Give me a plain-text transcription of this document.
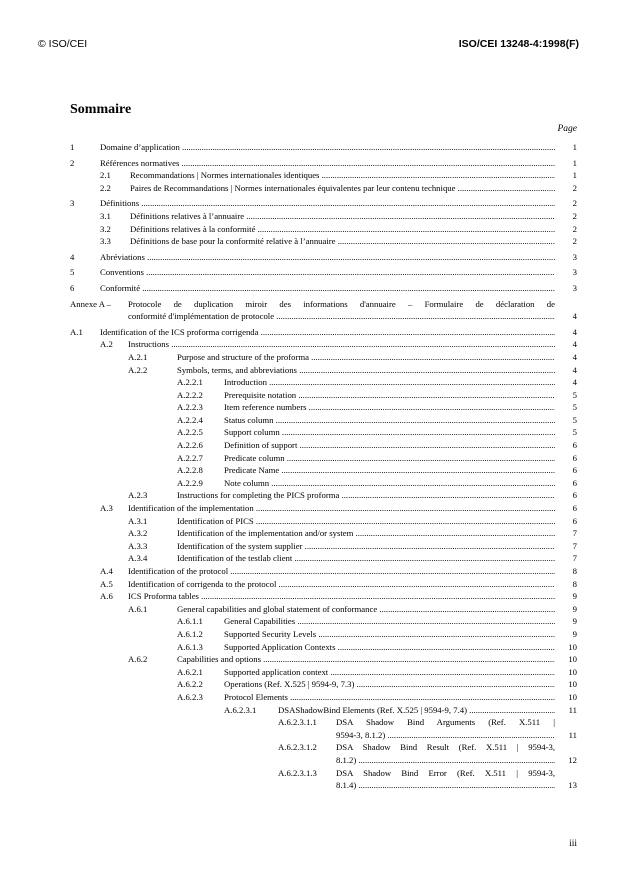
© ISO/CEI	ISO/CEI 13248-4:1998(F)
Sommaire
Page
1	Domaine d’application .....	1
2	Références normatives .....	1
2.1	Recommandations | Normes internationales identiques .....	1
2.2	Paires de Recommandations | Normes internationales équivalentes par leur contenu technique .....	2
3	Définitions .....	2
3.1	Définitions relatives à l’annuaire .....	2
3.2	Définitions relatives à la conformité .....	2
3.3	Définitions de base pour la conformité relative à l’annuaire .....	2
4	Abréviations .....	3
5	Conventions .....	3
6	Conformité .....	3
Annexe A –	Protocole de duplication miroir des informations d'annuaire – Formulaire de déclaration de
conformité d'implémentation de protocole .....	4
A.1	Identification of the ICS proforma corrigenda .....	4
A.2	Instructions .....	4
A.2.1	Purpose and structure of the proforma .....	4
A.2.2	Symbols, terms, and abbreviations .....	4
A.2.2.1	Introduction .....	4
A.2.2.2	Prerequisite notation .....	5
A.2.2.3	Item reference numbers .....	5
A.2.2.4	Status column .....	5
A.2.2.5	Support column .....	5
A.2.2.6	Definition of support .....	6
A.2.2.7	Predicate column .....	6
A.2.2.8	Predicate Name .....	6
A.2.2.9	Note column .....	6
A.2.3	Instructions for completing the PICS proforma .....	6
A.3	Identification of the implementation .....	6
A.3.1	Identification of PICS .....	6
A.3.2	Identification of the implementation and/or system .....	7
A.3.3	Identification of the system supplier .....	7
A.3.4	Identification of the testlab client .....	7
A.4	Identification of the protocol .....	8
A.5	Identification of corrigenda to the protocol .....	8
A.6	ICS Proforma tables .....	9
A.6.1	General capabilities and global statement of conformance .....	9
A.6.1.1	General Capabilities .....	9
A.6.1.2	Supported Security Levels .....	9
A.6.1.3	Supported Application Contexts .....	10
A.6.2	Capabilities and options .....	10
A.6.2.1	Supported application context .....	10
A.6.2.2	Operations (Ref. X.525 | 9594-9, 7.3) .....	10
A.6.2.3	Protocol Elements .....	10
A.6.2.3.1	DSAShadowBind Elements (Ref. X.525 | 9594-9, 7.4) .....	11
A.6.2.3.1.1	DSA Shadow Bind Arguments (Ref. X.511 |
9594-3, 8.1.2) .....	11
A.6.2.3.1.2	DSA Shadow Bind Result (Ref. X.511 | 9594-3,
8.1.2) .....	12
A.6.2.3.1.3	DSA Shadow Bind Error (Ref. X.511 | 9594-3,
8.1.4) .....	13
iii
